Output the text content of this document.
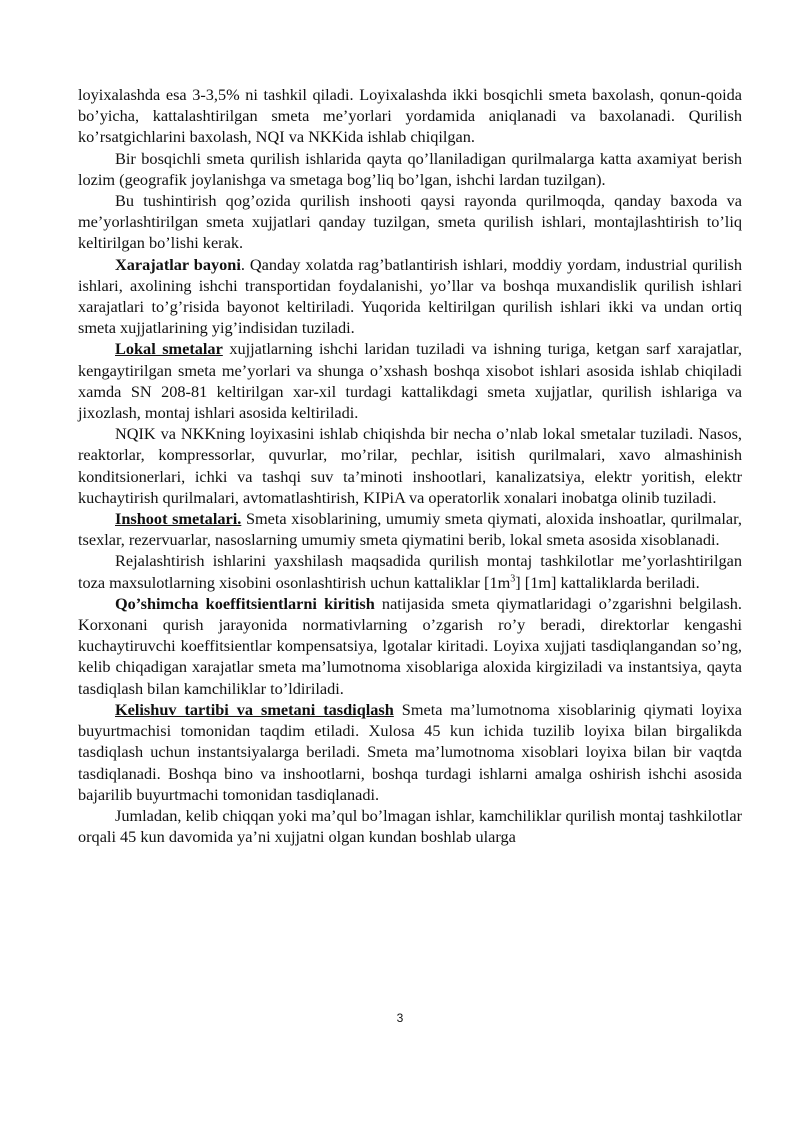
loyixalashda esa 3-3,5% ni tashkil qiladi. Loyixalashda ikki bosqichli smeta baxolash, qonun-qoida bo’yicha, kattalashtirilgan smeta me’yorlari yordamida aniqlanadi va baxolanadi. Qurilish ko’rsatgichlarini baxolash, NQI va NKKida ishlab chiqilgan.

Bir bosqichli smeta qurilish ishlarida qayta qo’llaniladigan qurilmalarga katta axamiyat berish lozim (geografik joylanishga va smetaga bog’liq bo’lgan, ishchi lardan tuzilgan).

Bu tushintirish qog’ozida qurilish inshooti qaysi rayonda qurilmoqda, qanday baxoda va me’yorlashtirilgan smeta xujjatlari qanday tuzilgan, smeta qurilish ishlari, montajlashtirish to’liq keltirilgan bo’lishi kerak.

Xarajatlar bayoni. Qanday xolatda rag’batlantirish ishlari, moddiy yordam, industrial qurilish ishlari, axolining ishchi transportidan foydalanishi, yo’llar va boshqa muxandislik qurilish ishlari xarajatlari to’g’risida bayonot keltiriladi. Yuqorida keltirilgan qurilish ishlari ikki va undan ortiq smeta xujjatlarining yig’indisidan tuziladi.

Lokal smetalar xujjatlarning ishchi laridan tuziladi va ishning turiga, ketgan sarf xarajatlar, kengaytirilgan smeta me’yorlari va shunga o’xshash boshqa xisobot ishlari asosida ishlab chiqiladi xamda SN 208-81 keltirilgan xar-xil turdagi kattalikdagi smeta xujjatlar, qurilish ishlariga va jixozlash, montaj ishlari asosida keltiriladi.

NQIK va NKKning loyixasini ishlab chiqishda bir necha o’nlab lokal smetalar tuziladi. Nasos, reaktorlar, kompressorlar, quvurlar, mo’rilar, pechlar, isitish qurilmalari, xavo almashinish konditsionerlari, ichki va tashqi suv ta’minoti inshootlari, kanalizatsiya, elektr yoritish, elektr kuchaytirish qurilmalari, avtomatlashtirish, KIPiA va operatorlik xonalari inobatga olinib tuziladi.

Inshoot smetalari. Smeta xisoblarining, umumiy smeta qiymati, aloxida inshoatlar, qurilmalar, tsexlar, rezervuarlar, nasoslarning umumiy smeta qiymatini berib, lokal smeta asosida xisoblanadi.

Rejalashtirish ishlarini yaxshilash maqsadida qurilish montaj tashkilotlar me’yorlashtirilgan toza maxsulotlarning xisobini osonlashtirish uchun kattaliklar $[1m^3]$ [1m] kattaliklarda beriladi.

Qo’shimcha koeffitsientlarni kiritish natijasida smeta qiymatlaridagi o’zgarishni belgilash. Korxonani qurish jarayonida normativlarning o’zgarish ro’y beradi, direktorlar kengashi kuchaytiruvchi koeffitsientlar kompensatsiya, lgotalar kiritadi. Loyixa xujjati tasdiqlangandan so’ng, kelib chiqadigan xarajatlar smeta ma’lumotnoma xisoblariga aloxida kirgiziladi va instantsiya, qayta tasdiqlash bilan kamchiliklar to’ldiriladi.

Kelishuv tartibi va smetani tasdiqlash Smeta ma’lumotnoma xisoblarinig qiymati loyixa buyurtmachisi tomonidan taqdim etiladi. Xulosa 45 kun ichida tuzilib loyixa bilan birgalikda tasdiqlash uchun instantsiyalarga beriladi. Smeta ma’lumotnoma xisoblari loyixa bilan bir vaqtda tasdiqlanadi. Boshqa bino va inshootlarni, boshqa turdagi ishlarni amalga oshirish ishchi asosida bajarilib buyurtmachi tomonidan tasdiqlanadi.

Jumladan, kelib chiqqan yoki ma’qul bo’lmagan ishlar, kamchiliklar qurilish montaj tashkilotlar orqali 45 kun davomida ya’ni xujjatni olgan kundan boshlab ularga

3
